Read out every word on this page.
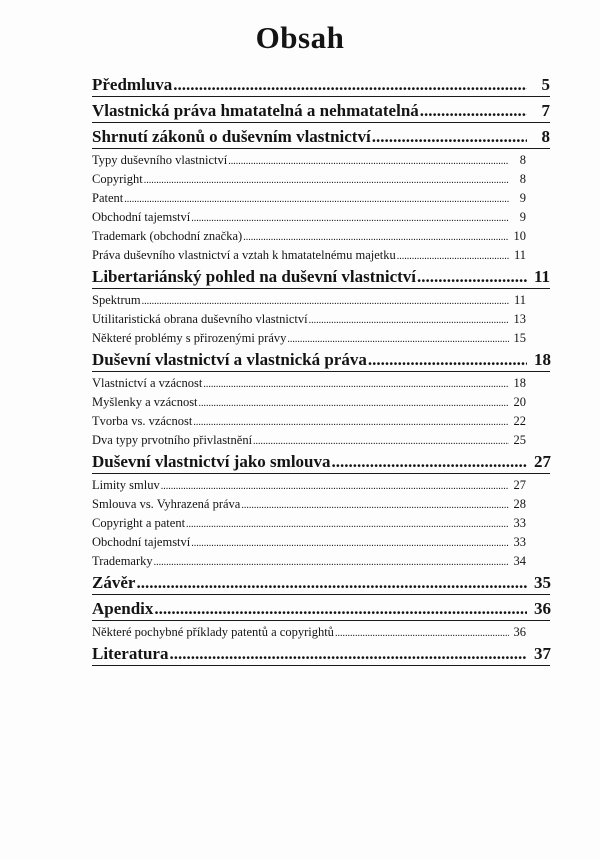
Obsah
Předmluva .....	5
Vlastnická práva hmatatelná a nehmatatelná .....	7
Shrnutí zákonů o duševním vlastnictví .....	8
Typy duševního vlastnictví .....	8
Copyright .....	8
Patent .....	9
Obchodní tajemství .....	9
Trademark (obchodní značka) .....	10
Práva duševního vlastnictví a vztah k hmatatelnému majetku .....	11
Libertariánský pohled na duševní vlastnictví .....	11
Spektrum .....	11
Utilitaristická obrana duševního vlastnictví .....	13
Některé problémy s přirozenými právy .....	15
Duševní vlastnictví a vlastnická práva .....	18
Vlastnictví a vzácnost .....	18
Myšlenky a vzácnost .....	20
Tvorba vs. vzácnost .....	22
Dva typy prvotního přivlastnění .....	25
Duševní vlastnictví jako smlouva .....	27
Limity smluv .....	27
Smlouva vs. Vyhrazená práva .....	28
Copyright a patent .....	33
Obchodní tajemství .....	33
Trademarky .....	34
Závěr .....	35
Apendix .....	36
Některé pochybné příklady patentů a copyrightů .....	36
Literatura .....	37
